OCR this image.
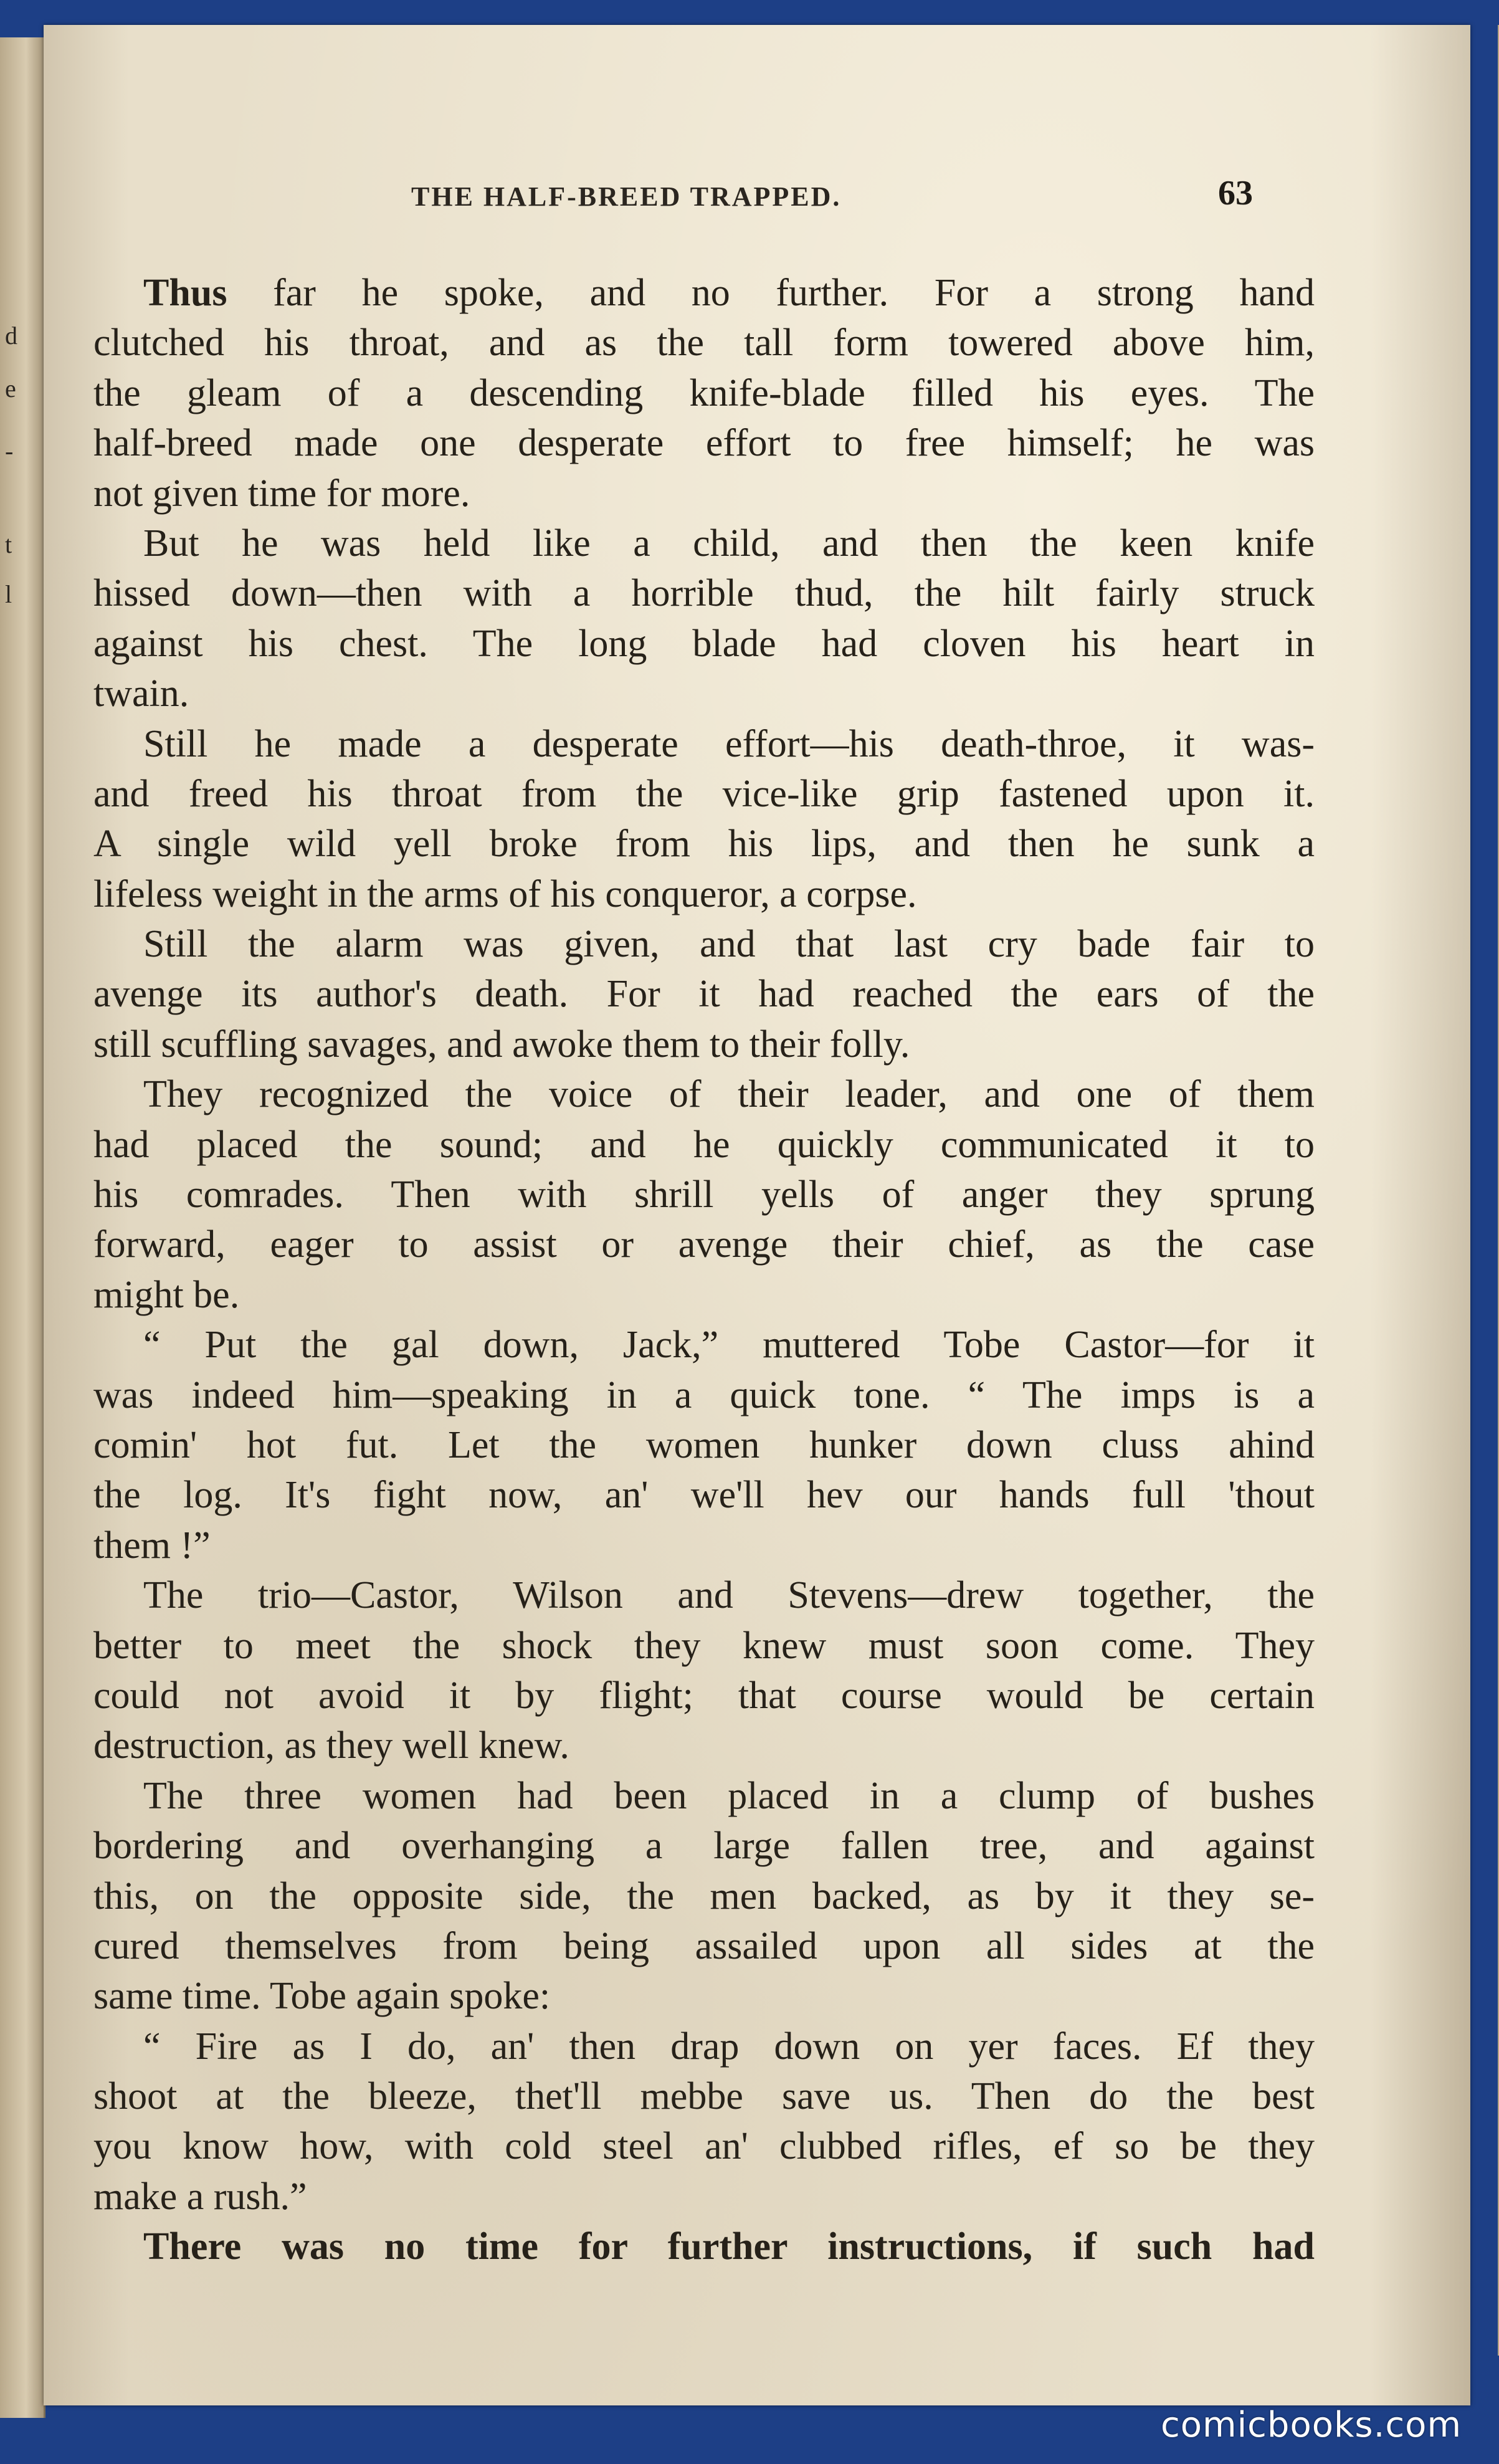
d
e
-
t
l
THE HALF-BREED TRAPPED.	63
Thus far he spoke, and no further. For a strong hand
clutched his throat, and as the tall form towered above him,
the gleam of a descending knife-blade filled his eyes. The
half-breed made one desperate effort to free himself; he was
not given time for more.
But he was held like a child, and then the keen knife
hissed down—then with a horrible thud, the hilt fairly struck
against his chest. The long blade had cloven his heart in
twain.
Still he made a desperate effort—his death-throe, it was-
and freed his throat from the vice-like grip fastened upon it.
A single wild yell broke from his lips, and then he sunk a
lifeless weight in the arms of his conqueror, a corpse.
Still the alarm was given, and that last cry bade fair to
avenge its author's death. For it had reached the ears of the
still scuffling savages, and awoke them to their folly.
They recognized the voice of their leader, and one of them
had placed the sound; and he quickly communicated it to
his comrades. Then with shrill yells of anger they sprung
forward, eager to assist or avenge their chief, as the case
might be.
“ Put the gal down, Jack,” muttered Tobe Castor—for it
was indeed him—speaking in a quick tone. “ The imps is a
comin' hot fut. Let the women hunker down cluss ahind
the log. It's fight now, an' we'll hev our hands full 'thout
them !”
The trio—Castor, Wilson and Stevens—drew together, the
better to meet the shock they knew must soon come. They
could not avoid it by flight; that course would be certain
destruction, as they well knew.
The three women had been placed in a clump of bushes
bordering and overhanging a large fallen tree, and against
this, on the opposite side, the men backed, as by it they se-
cured themselves from being assailed upon all sides at the
same time. Tobe again spoke:
“ Fire as I do, an' then drap down on yer faces. Ef they
shoot at the bleeze, thet'll mebbe save us. Then do the best
you know how, with cold steel an' clubbed rifles, ef so be they
make a rush.”
There was no time for further instructions, if such had
comicbooks.com
